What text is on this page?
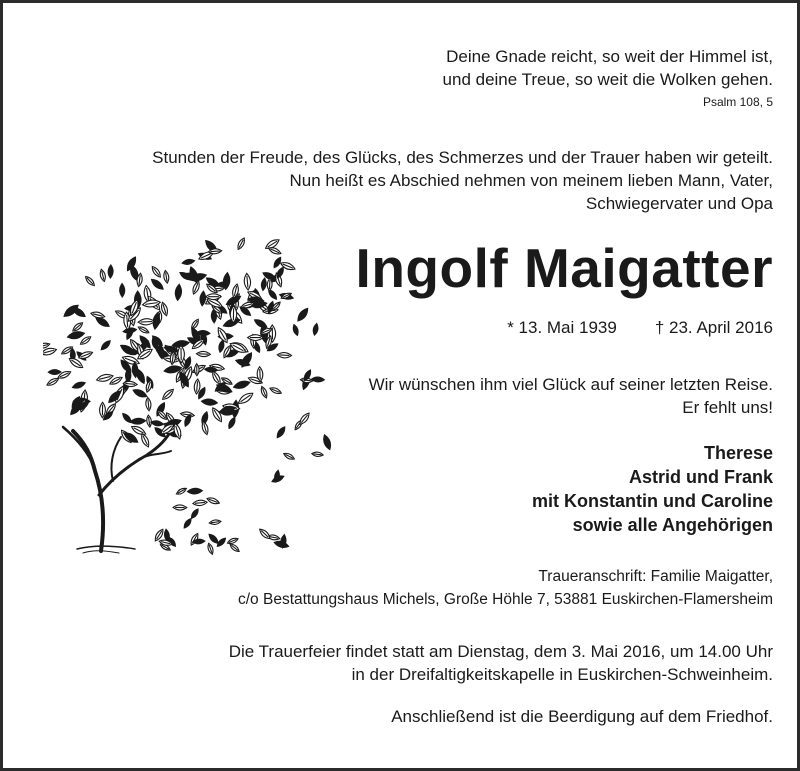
Deine Gnade reicht, so weit der Himmel ist,
und deine Treue, so weit die Wolken gehen.
Psalm 108, 5
Stunden der Freude, des Glücks, des Schmerzes und der Trauer haben wir geteilt.
Nun heißt es Abschied nehmen von meinem lieben Mann, Vater,
Schwiegervater und Opa
Ingolf Maigatter
* 13. Mai 1939 † 23. April 2016
Wir wünschen ihm viel Glück auf seiner letzten Reise.
Er fehlt uns!
Therese
Astrid und Frank
mit Konstantin und Caroline
sowie alle Angehörigen
Traueranschrift: Familie Maigatter,
c/o Bestattungshaus Michels, Große Höhle 7, 53881 Euskirchen-Flamersheim
Die Trauerfeier findet statt am Dienstag, dem 3. Mai 2016, um 14.00 Uhr
in der Dreifaltigkeitskapelle in Euskirchen-Schweinheim.
Anschließend ist die Beerdigung auf dem Friedhof.
